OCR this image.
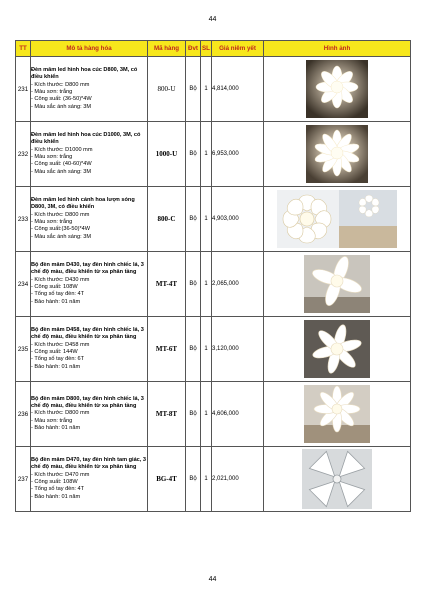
44
TT	Mô tả hàng hóa	Mã hàng	Đvt	SL	Giá niêm yết	Hình ảnh
231	Đèn mâm led hình hoa cúc D800, 3M, có điều khiển
- Kích thước: D800 mm
- Màu sơn: trắng
- Công suất: (36-50)*4W
- Màu sắc ánh sáng: 3M	800-U	Bộ	1	4,814,000	

232	Đèn mâm led hình hoa cúc D1000, 3M, có điều khiển
- Kích thước: D1000 mm
- Màu sơn: trắng
- Công suất: (40-60)*4W
- Màu sắc ánh sáng: 3M	1000-U	Bộ	1	6,953,000	

233	Đèn mâm led hình cánh hoa lượn sóng D800, 3M, có điều khiển
- Kích thước: D800 mm
- Màu sơn: trắng
- Công suất:(36-50)*4W
- Màu sắc ánh sáng: 3M	800-C	Bộ	1	4,903,000	

234	Bộ đèn mâm D430, tay đèn hình chiếc lá, 3 chế độ màu, điều khiển từ xa phân tầng
- Kích thước: D430 mm
- Công suất: 108W
- Tổng số tay đèn: 4T
- Bảo hành: 01 năm	MT-4T	Bộ	1	2,065,000	

235	Bộ đèn mâm D458, tay đèn hình chiếc lá, 3 chế độ màu, điều khiển từ xa phân tầng
- Kích thước: D458 mm
- Công suất: 144W
- Tổng số tay đèn: 6T
- Bảo hành: 01 năm	MT-6T	Bộ	1	3,120,000	

236	Bộ đèn mâm D800, tay đèn hình chiếc lá, 3 chế độ màu, điều khiển từ xa phân tầng
- Kích thước: D800 mm
- Màu sơn: trắng
- Bảo hành: 01 năm	MT-8T	Bộ	1	4,606,000	

237	Bộ đèn mâm D470, tay đèn hình tam giác, 3 chế độ màu, điều khiển từ xa phân tầng
- Kích thước: D470 mm
- Công suất: 108W
- Tổng số tay đèn: 4T
- Bảo hành: 01 năm	BG-4T	Bộ	1	2,021,000	
44
